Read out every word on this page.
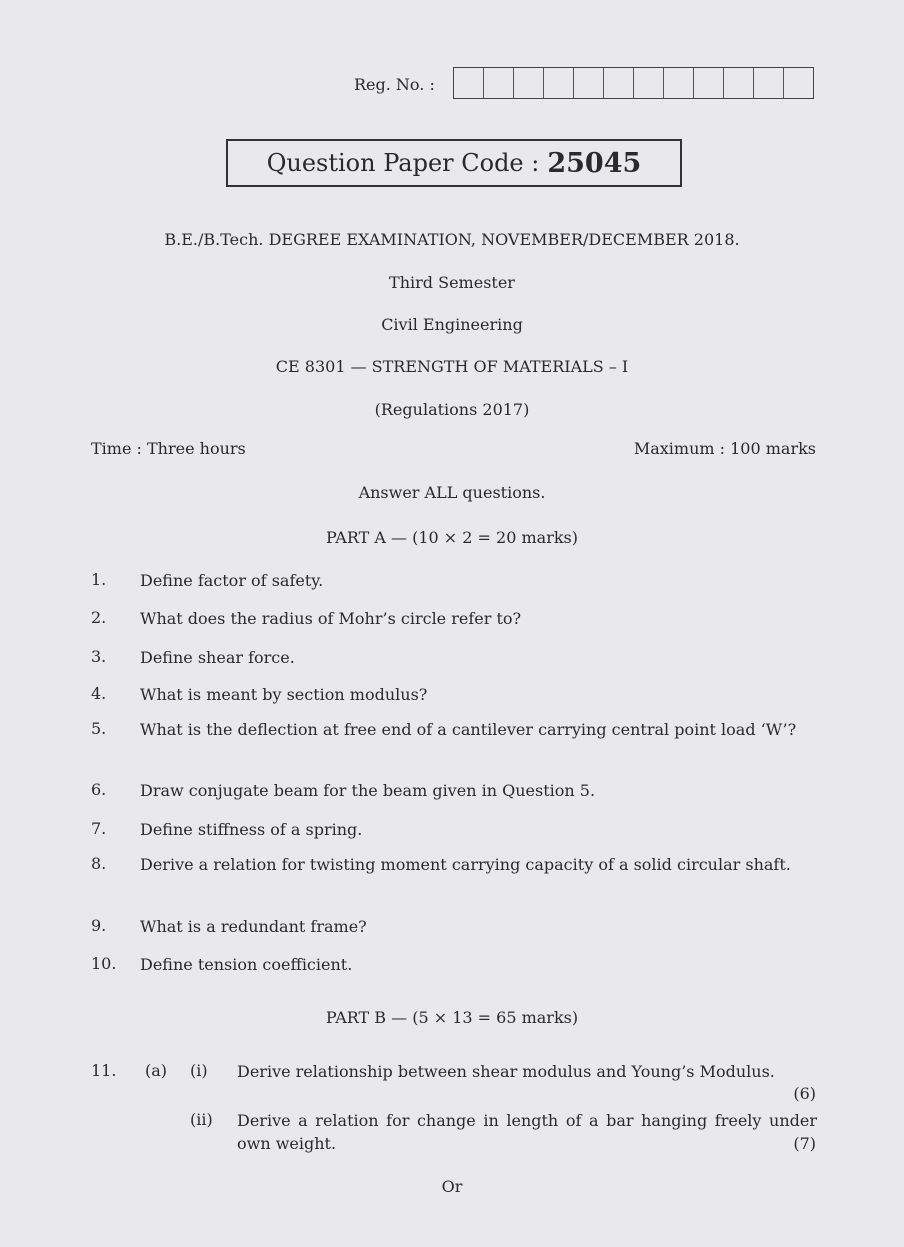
Reg. No. :
Question Paper Code : 25045
B.E./B.Tech. DEGREE EXAMINATION, NOVEMBER/DECEMBER 2018.
Third Semester
Civil Engineering
CE 8301 — STRENGTH OF MATERIALS – I
(Regulations 2017)
Time : Three hours	Maximum : 100 marks
Answer ALL questions.
PART A — (10 × 2 = 20 marks)
1. Define factor of safety.
2. What does the radius of Mohr’s circle refer to?
3. Define shear force.
4. What is meant by section modulus?
5. What is the deflection at free end of a cantilever carrying central point load ‘W’?
6. Draw conjugate beam for the beam given in Question 5.
7. Define stiffness of a spring.
8. Derive a relation for twisting moment carrying capacity of a solid circular shaft.
9. What is a redundant frame?
10. Define tension coefficient.
PART B — (5 × 13 = 65 marks)
11. (a) (i) Derive relationship between shear modulus and Young’s Modulus.
(6)
(ii) Derive a relation for change in length of a bar hanging freely under own weight.	(7)
Or
